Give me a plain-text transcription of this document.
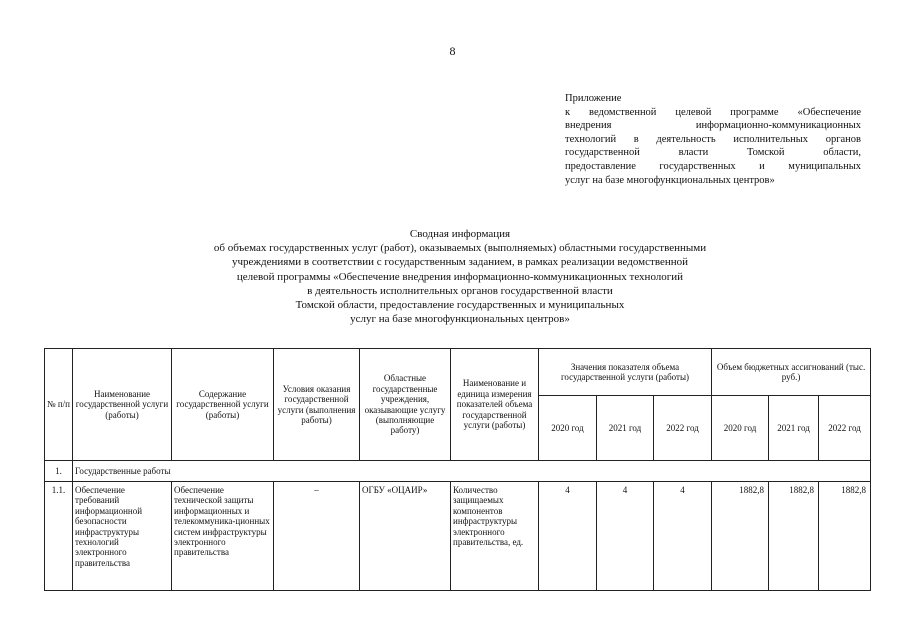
8
Приложение
к ведомственной целевой программе «Обеспечение
внедрения информационно-коммуникационных
технологий в деятельность исполнительных органов
государственной власти Томской области,
предоставление государственных и муниципальных
услуг на базе многофункциональных центров»
Сводная информация
об объемах государственных услуг (работ), оказываемых (выполняемых) областными государственными
учреждениями в соответствии с государственным заданием, в рамках реализации ведомственной
целевой программы «Обеспечение внедрения информационно-коммуникационных технологий
в деятельность исполнительных органов государственной власти
Томской области, предоставление государственных и муниципальных
услуг на базе многофункциональных центров»
№ п/п	Наименование государственной услуги (работы)	Содержание государственной услуги (работы)	Условия оказания государственной услуги (выполнения работы)	Областные государственные учреждения, оказывающие услугу (выполняющие работу)	Наименование и единица измерения показателей объема государственной услуги (работы)	Значения показателя объема государственной услуги (работы)			Объем бюджетных ассигнований (тыс. руб.)		
						2020 год	2021 год	2022 год	2020 год	2021 год	2022 год
1.	Государственные работы										
1.1.	Обеспечение требований информационной безопасности инфраструктуры технологий электронного правительства	Обеспечение технической защиты информационных и телекоммуника-ционных систем инфраструктуры электронного правительства	–	ОГБУ «ОЦАИР»	Количество защищаемых компонентов инфраструктуры электронного правительства, ед.	4	4	4	1882,8	1882,8	1882,8
